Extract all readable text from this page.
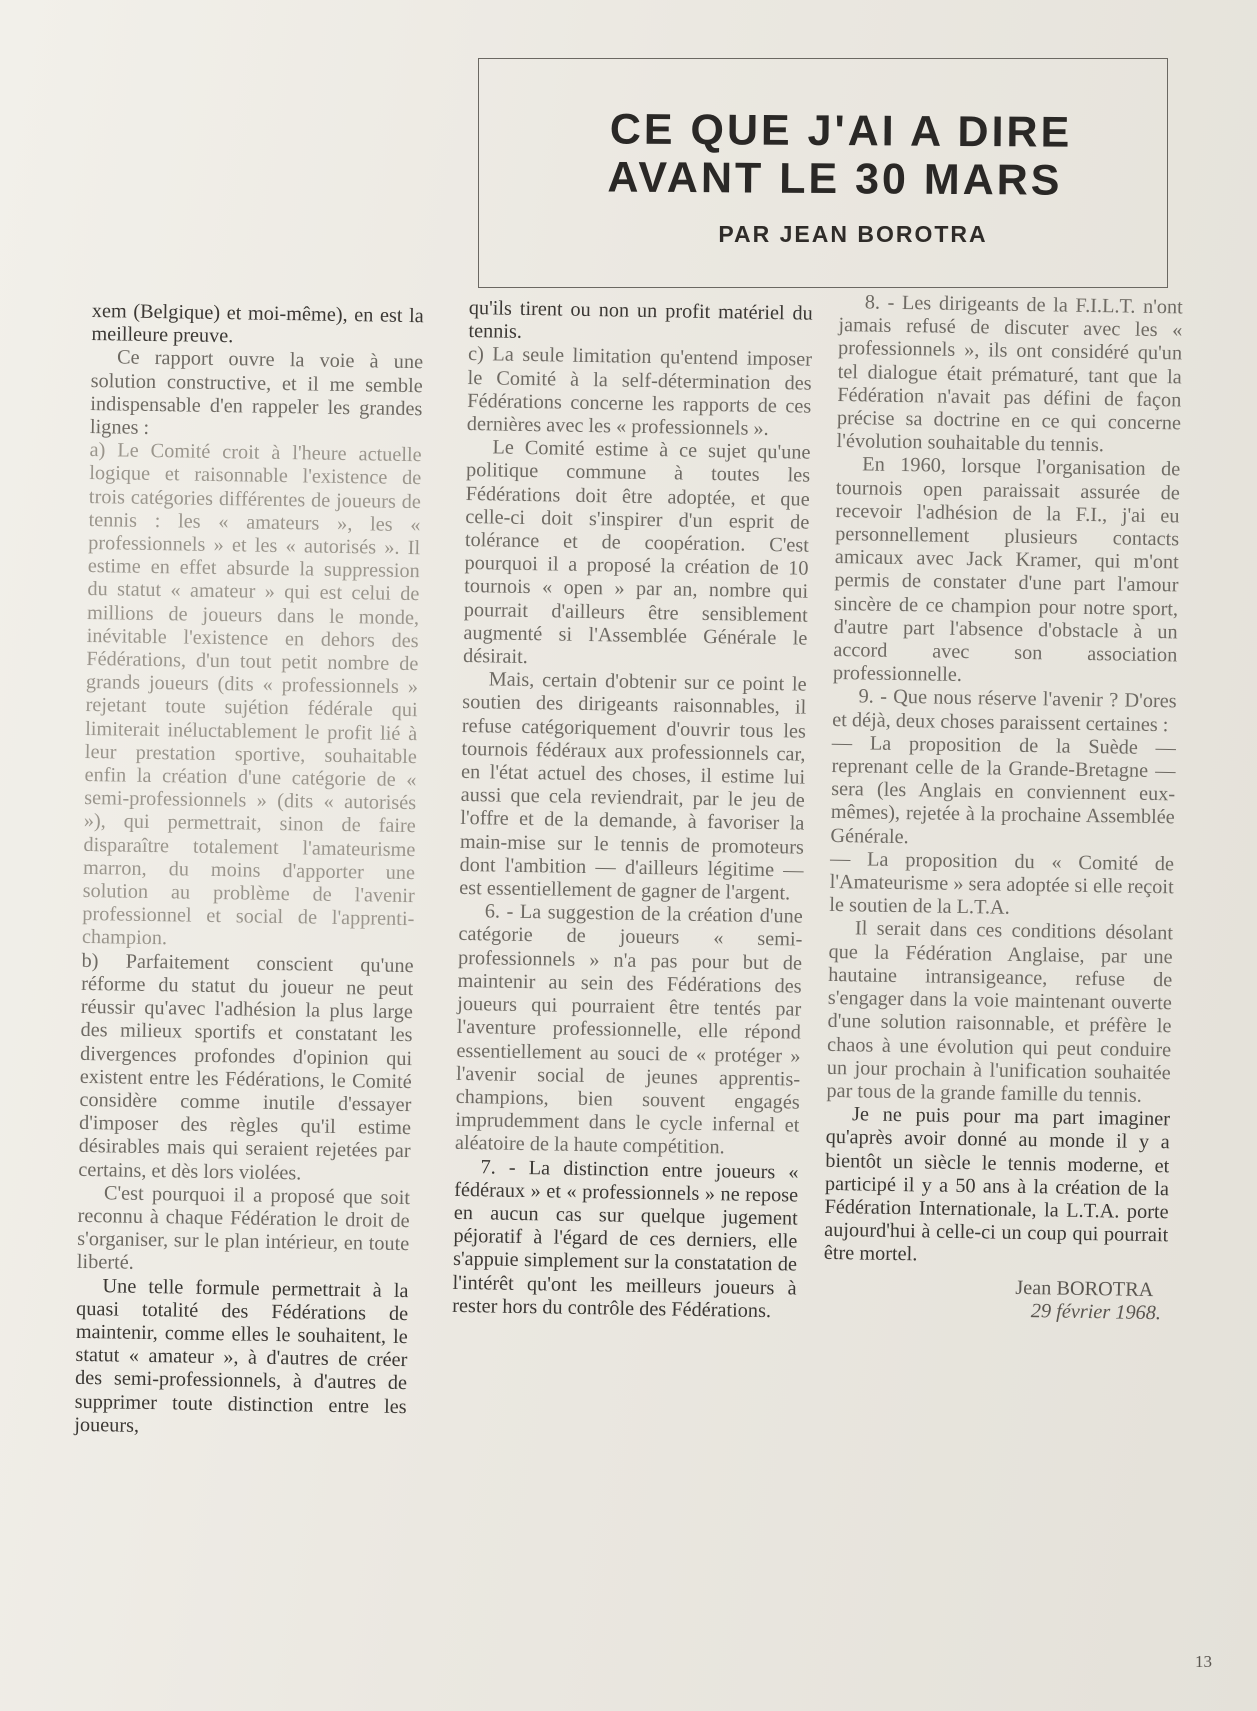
CE QUE J'AI A DIRE
AVANT LE 30 MARS
PAR JEAN BOROTRA

xem (Belgique) et moi-même), en est la meilleure preuve.

Ce rapport ouvre la voie à une solution constructive, et il me semble indispensable d'en rappeler les grandes lignes :

a) Le Comité croit à l'heure actuelle logique et raisonnable l'existence de trois catégories différentes de joueurs de tennis : les « amateurs », les « professionnels » et les « autorisés ». Il estime en effet absurde la suppression du statut « amateur » qui est celui de millions de joueurs dans le monde, inévitable l'existence en dehors des Fédérations, d'un tout petit nombre de grands joueurs (dits « professionnels » rejetant toute sujétion fédérale qui limiterait inéluctablement le profit lié à leur prestation sportive, souhaitable enfin la création d'une catégorie de « semi-professionnels » (dits « autorisés »), qui permettrait, sinon de faire disparaître totalement l'amateurisme marron, du moins d'apporter une solution au problème de l'avenir professionnel et social de l'apprenti-champion.

b) Parfaitement conscient qu'une réforme du statut du joueur ne peut réussir qu'avec l'adhésion la plus large des milieux sportifs et constatant les divergences profondes d'opinion qui existent entre les Fédérations, le Comité considère comme inutile d'essayer d'imposer des règles qu'il estime désirables mais qui seraient rejetées par certains, et dès lors violées.

C'est pourquoi il a proposé que soit reconnu à chaque Fédération le droit de s'organiser, sur le plan intérieur, en toute liberté.

Une telle formule permettrait à la quasi totalité des Fédérations de maintenir, comme elles le souhaitent, le statut « amateur », à d'autres de créer des semi-professionnels, à d'autres de supprimer toute distinction entre les joueurs,

qu'ils tirent ou non un profit matériel du tennis.

c) La seule limitation qu'entend imposer le Comité à la self-détermination des Fédérations concerne les rapports de ces dernières avec les « professionnels ».

Le Comité estime à ce sujet qu'une politique commune à toutes les Fédérations doit être adoptée, et que celle-ci doit s'inspirer d'un esprit de tolérance et de coopération. C'est pourquoi il a proposé la création de 10 tournois « open » par an, nombre qui pourrait d'ailleurs être sensiblement augmenté si l'Assemblée Générale le désirait.

Mais, certain d'obtenir sur ce point le soutien des dirigeants raisonnables, il refuse catégoriquement d'ouvrir tous les tournois fédéraux aux professionnels car, en l'état actuel des choses, il estime lui aussi que cela reviendrait, par le jeu de l'offre et de la demande, à favoriser la main-mise sur le tennis de promoteurs dont l'ambition — d'ailleurs légitime — est essentiellement de gagner de l'argent.

6. - La suggestion de la création d'une catégorie de joueurs « semi-professionnels » n'a pas pour but de maintenir au sein des Fédérations des joueurs qui pourraient être tentés par l'aventure professionnelle, elle répond essentiellement au souci de « protéger » l'avenir social de jeunes apprentis-champions, bien souvent engagés imprudemment dans le cycle infernal et aléatoire de la haute compétition.

7. - La distinction entre joueurs « fédéraux » et « professionnels » ne repose en aucun cas sur quelque jugement péjoratif à l'égard de ces derniers, elle s'appuie simplement sur la constatation de l'intérêt qu'ont les meilleurs joueurs à rester hors du contrôle des Fédérations.

8. - Les dirigeants de la F.I.L.T. n'ont jamais refusé de discuter avec les « professionnels », ils ont considéré qu'un tel dialogue était prématuré, tant que la Fédération n'avait pas défini de façon précise sa doctrine en ce qui concerne l'évolution souhaitable du tennis.

En 1960, lorsque l'organisation de tournois open paraissait assurée de recevoir l'adhésion de la F.I., j'ai eu personnellement plusieurs contacts amicaux avec Jack Kramer, qui m'ont permis de constater d'une part l'amour sincère de ce champion pour notre sport, d'autre part l'absence d'obstacle à un accord avec son association professionnelle.

9. - Que nous réserve l'avenir ? D'ores et déjà, deux choses paraissent certaines :

— La proposition de la Suède — reprenant celle de la Grande-Bretagne — sera (les Anglais en conviennent eux-mêmes), rejetée à la prochaine Assemblée Générale.

— La proposition du « Comité de l'Amateurisme » sera adoptée si elle reçoit le soutien de la L.T.A.

Il serait dans ces conditions désolant que la Fédération Anglaise, par une hautaine intransigeance, refuse de s'engager dans la voie maintenant ouverte d'une solution raisonnable, et préfère le chaos à une évolution qui peut conduire un jour prochain à l'unification souhaitée par tous de la grande famille du tennis.

Je ne puis pour ma part imaginer qu'après avoir donné au monde il y a bientôt un siècle le tennis moderne, et participé il y a 50 ans à la création de la Fédération Internationale, la L.T.A. porte aujourd'hui à celle-ci un coup qui pourrait être mortel.

Jean BOROTRA

29 février 1968.

13
